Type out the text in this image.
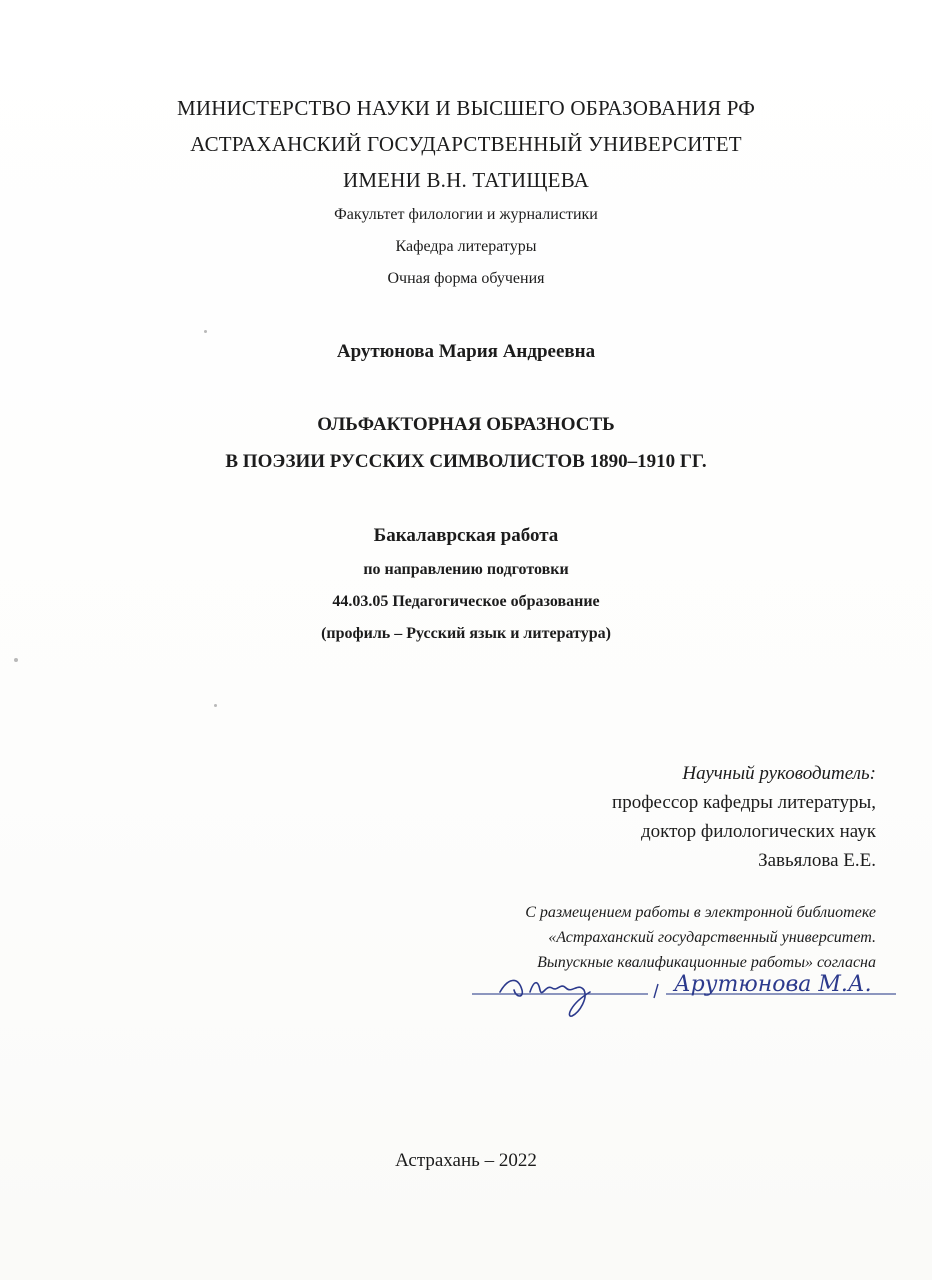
МИНИСТЕРСТВО НАУКИ И ВЫСШЕГО ОБРАЗОВАНИЯ РФ
АСТРАХАНСКИЙ ГОСУДАРСТВЕННЫЙ УНИВЕРСИТЕТ
ИМЕНИ В.Н. ТАТИЩЕВА
Факультет филологии и журналистики
Кафедра литературы
Очная форма обучения
Арутюнова Мария Андреевна
ОЛЬФАКТОРНАЯ ОБРАЗНОСТЬ
В ПОЭЗИИ РУССКИХ СИМВОЛИСТОВ 1890–1910 ГГ.
Бакалаврская работа
по направлению подготовки
44.03.05 Педагогическое образование
(профиль – Русский язык и литература)
Научный руководитель:
профессор кафедры литературы,
доктор филологических наук
Завьялова Е.Е.
С размещением работы в электронной библиотеке
«Астраханский государственный университет.
Выпускные квалификационные работы» согласна
Арутюнова М.А.
Астрахань – 2022
